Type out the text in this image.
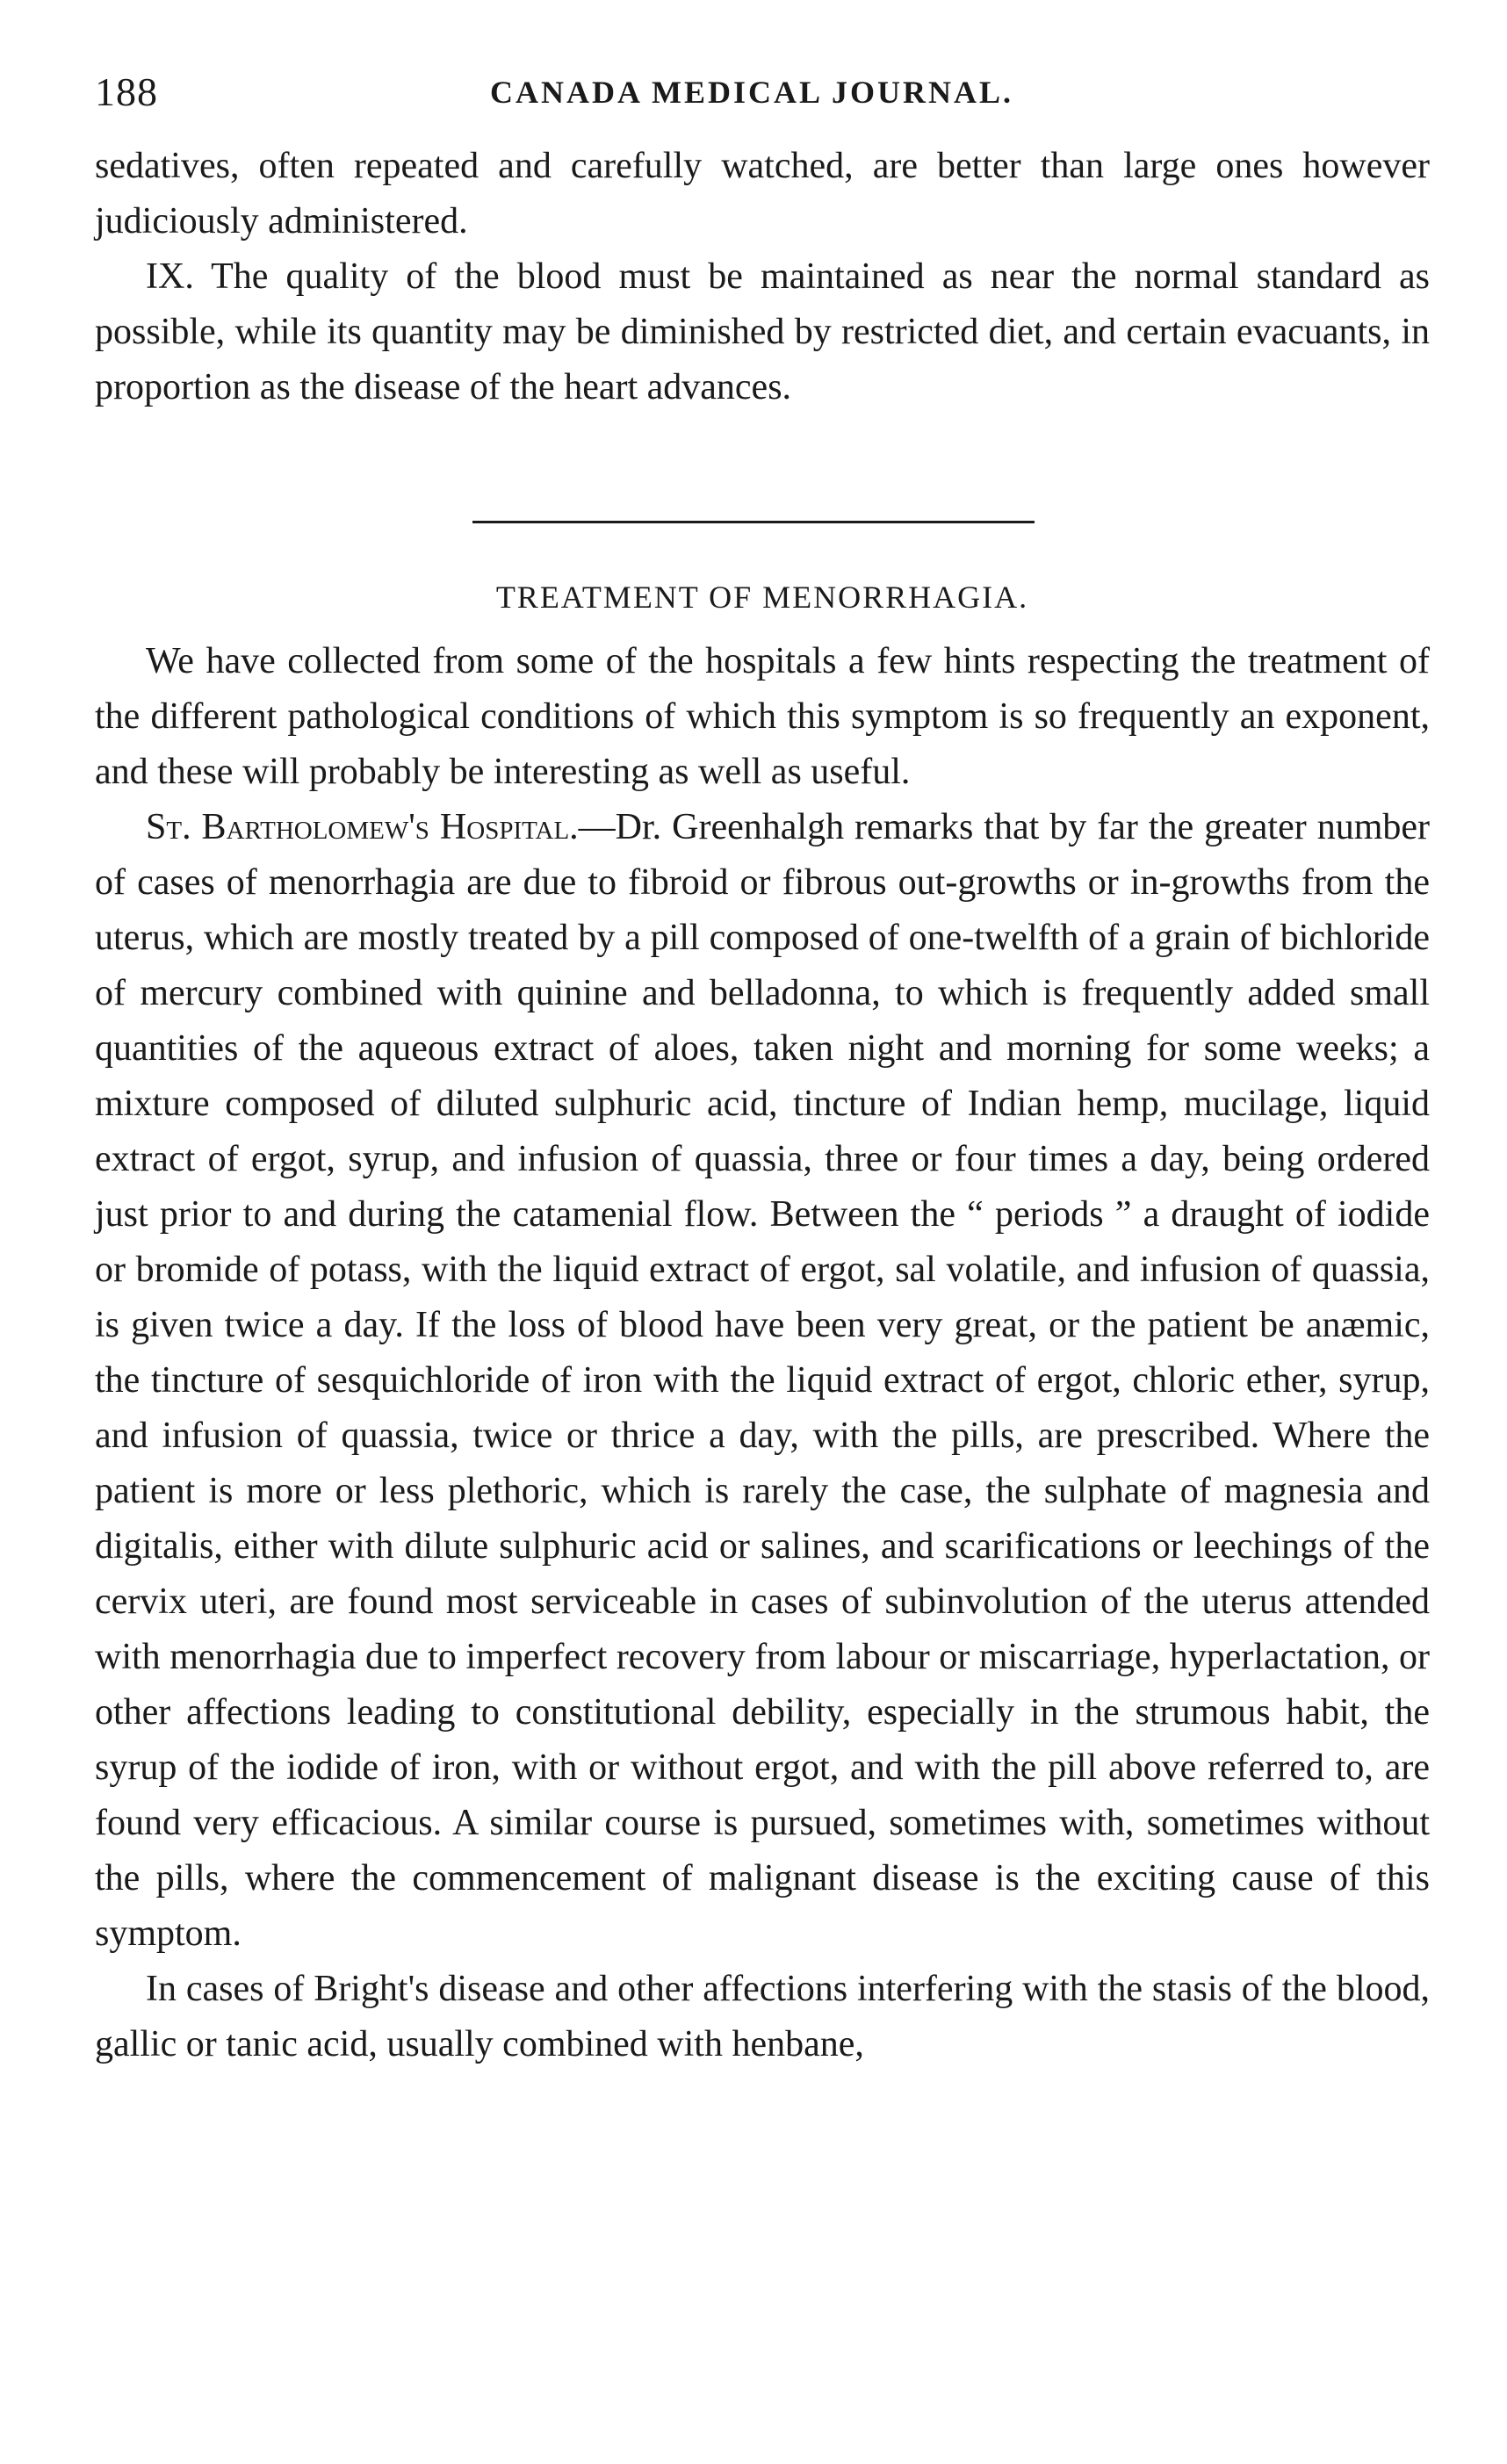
188	CANADA MEDICAL JOURNAL.

sedatives, often repeated and carefully watched, are better than large ones however judiciously administered.

IX. The quality of the blood must be maintained as near the normal standard as possible, while its quantity may be diminished by restricted diet, and certain evacuants, in proportion as the disease of the heart advances.

TREATMENT OF MENORRHAGIA.

We have collected from some of the hospitals a few hints respecting the treatment of the different pathological conditions of which this symptom is so frequently an exponent, and these will probably be interesting as well as useful.

St. Bartholomew's Hospital.—Dr. Greenhalgh remarks that by far the greater number of cases of menorrhagia are due to fibroid or fibrous out-growths or in-growths from the uterus, which are mostly treated by a pill composed of one-twelfth of a grain of bichloride of mercury combined with quinine and belladonna, to which is frequently added small quantities of the aqueous extract of aloes, taken night and morning for some weeks; a mixture composed of diluted sulphuric acid, tincture of Indian hemp, mucilage, liquid extract of ergot, syrup, and infusion of quassia, three or four times a day, being ordered just prior to and during the catamenial flow. Between the “ periods ” a draught of iodide or bromide of potass, with the liquid extract of ergot, sal volatile, and infusion of quassia, is given twice a day. If the loss of blood have been very great, or the patient be anæmic, the tincture of sesquichloride of iron with the liquid extract of ergot, chloric ether, syrup, and infusion of quassia, twice or thrice a day, with the pills, are prescribed. Where the patient is more or less plethoric, which is rarely the case, the sulphate of magnesia and digitalis, either with dilute sulphuric acid or salines, and scarifications or leechings of the cervix uteri, are found most serviceable in cases of subinvolution of the uterus attended with menorrhagia due to imperfect recovery from labour or miscarriage, hyperlactation, or other affections leading to constitutional debility, especially in the strumous habit, the syrup of the iodide of iron, with or without ergot, and with the pill above referred to, are found very efficacious. A similar course is pursued, sometimes with, sometimes without the pills, where the commencement of malignant disease is the exciting cause of this symptom.

In cases of Bright's disease and other affections interfering with the stasis of the blood, gallic or tanic acid, usually combined with henbane,
